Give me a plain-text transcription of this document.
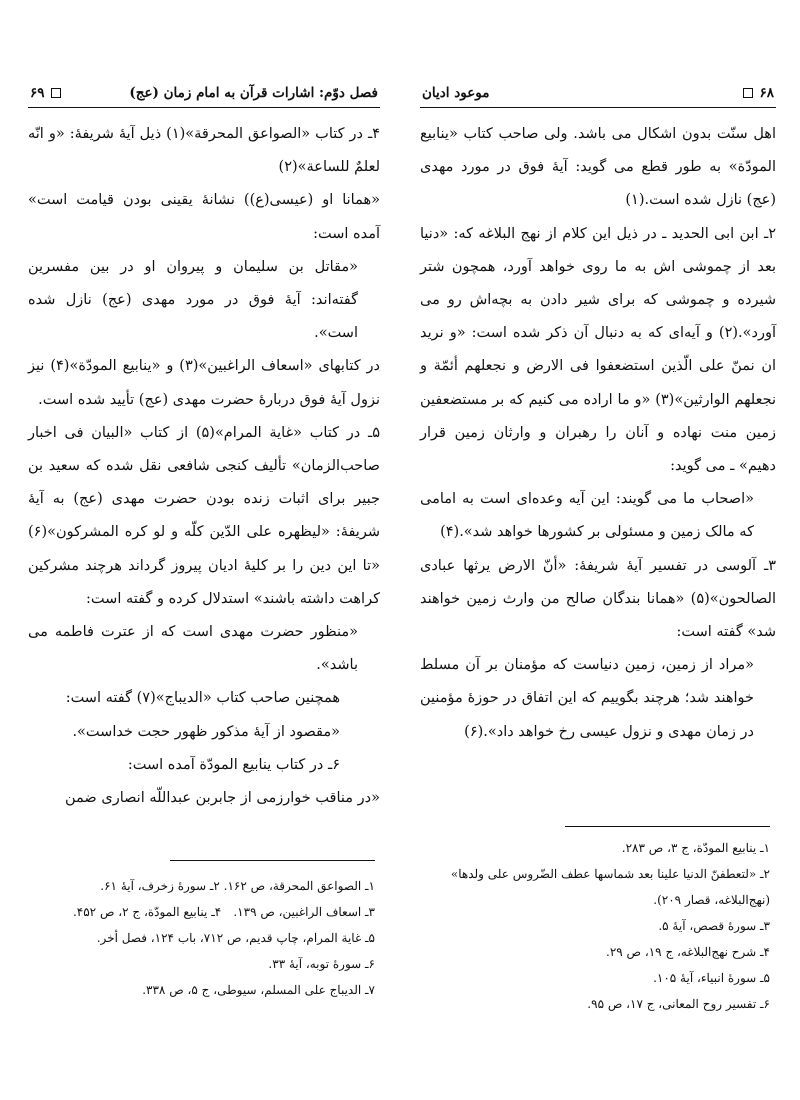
فصل دوّم: اشارات قرآن به امام زمان (عج)
۶۹

۴ـ در کتاب «الصواعق المحرقة»(۱) ذیل آیهٔ شریفهٔ: «و انّه لعلمٌ للساعة»(۲)

«همانا او (عیسی(ع)) نشانهٔ یقینی بودن قیامت است» آمده است:

«مقاتل بن سلیمان و پیروان او در بین مفسرین گفته‌اند: آیهٔ فوق در مورد مهدی (عج) نازل شده است».

در کتابهای «اسعاف الراغبین»(۳) و «ینابیع المودّة»(۴) نیز نزول آیهٔ فوق دربارهٔ حضرت مهدی (عج) تأیید شده است.

۵ـ در کتاب «غایة المرام»(۵) از کتاب «البیان فی اخبار صاحب‌الزمان» تألیف کنجی شافعی نقل شده که سعید بن جبیر برای اثبات زنده بودن حضرت مهدی (عج) به آیهٔ شریفهٔ: «لیظهره علی الدّین کلّه و لو کره المشرکون»(۶) «تا این دین را بر کلیهٔ ادیان پیروز گرداند هرچند مشرکین کراهت داشته باشند» استدلال کرده و گفته است:

«منظور حضرت مهدی است که از عترت فاطمه می باشد».

همچنین صاحب کتاب «الدیباج»(۷) گفته است:

«مقصود از آیهٔ مذکور ظهور حجت خداست».

۶ـ در کتاب ینابیع المودّة آمده است:

«در مناقب خوارزمی از جابربن عبداللّه انصاری ضمن

۱ـ الصواعق المحرقة، ص ۱۶۲. ۲ـ سورهٔ زخرف، آیهٔ ۶۱.
۳ـ اسعاف الراغبین، ص ۱۳۹. ۴ـ ینابیع المودّة، ج ۲، ص ۴۵۲.
۵ـ غایة المرام، چاپ قدیم، ص ۷۱۲، باب ۱۲۴، فصل أخر.
۶ـ سورهٔ توبه، آیهٔ ۳۳.
۷ـ الدیباج علی المسلم، سیوطی، ج ۵، ص ۳۳۸.
۶۸
موعود ادیان

اهل سنّت بدون اشکال می باشد. ولی صاحب کتاب «ینابیع المودّة» به طور قطع می گوید: آیهٔ فوق در مورد مهدی (عج) نازل شده است.(۱)

۲ـ ابن ابی الحدید ـ در ذیل این کلام از نهج البلاغه که: «دنیا بعد از چموشی اش به ما روی خواهد آورد، همچون شتر شیرده و چموشی که برای شیر دادن به بچه‌اش رو می آورد».(۲) و آیه‌ای که به دنبال آن ذکر شده است: «و نرید ان نمنّ علی الّذین استضعفوا فی الارض و نجعلهم أئمّة و نجعلهم الوارثین»(۳) «و ما اراده می کنیم که بر مستضعفین زمین منت نهاده و آنان را رهبران و وارثان زمین قرار دهیم» ـ می گوید:

«اصحاب ما می گویند: این آیه وعده‌ای است به امامی که مالک زمین و مسئولی بر کشورها خواهد شد».(۴)

۳ـ آلوسی در تفسیر آیهٔ شریفهٔ: «أنّ الارض یرثها عبادی الصالحون»(۵) «همانا بندگان صالح من وارث زمین خواهند شد» گفته است:

«مراد از زمین، زمین دنیاست که مؤمنان بر آن مسلط خواهند شد؛ هرچند بگوییم که این اتفاق در حوزهٔ مؤمنین در زمان مهدی و نزول عیسی رخ خواهد داد».(۶)

۱ـ ینابیع المودّة، ج ۳، ص ۲۸۳.
۲ـ «لتعطفنّ الدنیا علینا بعد شماسها عطف الضّروس علی ولدها» (نهج‌البلاغه، قصار ۲۰۹).
۳ـ سورهٔ قصص، آیهٔ ۵.
۴ـ شرح نهج‌البلاغه، ج ۱۹، ص ۲۹.
۵ـ سورهٔ انبیاء، آیهٔ ۱۰۵.
۶ـ تفسیر روح المعانی، ج ۱۷، ص ۹۵.
